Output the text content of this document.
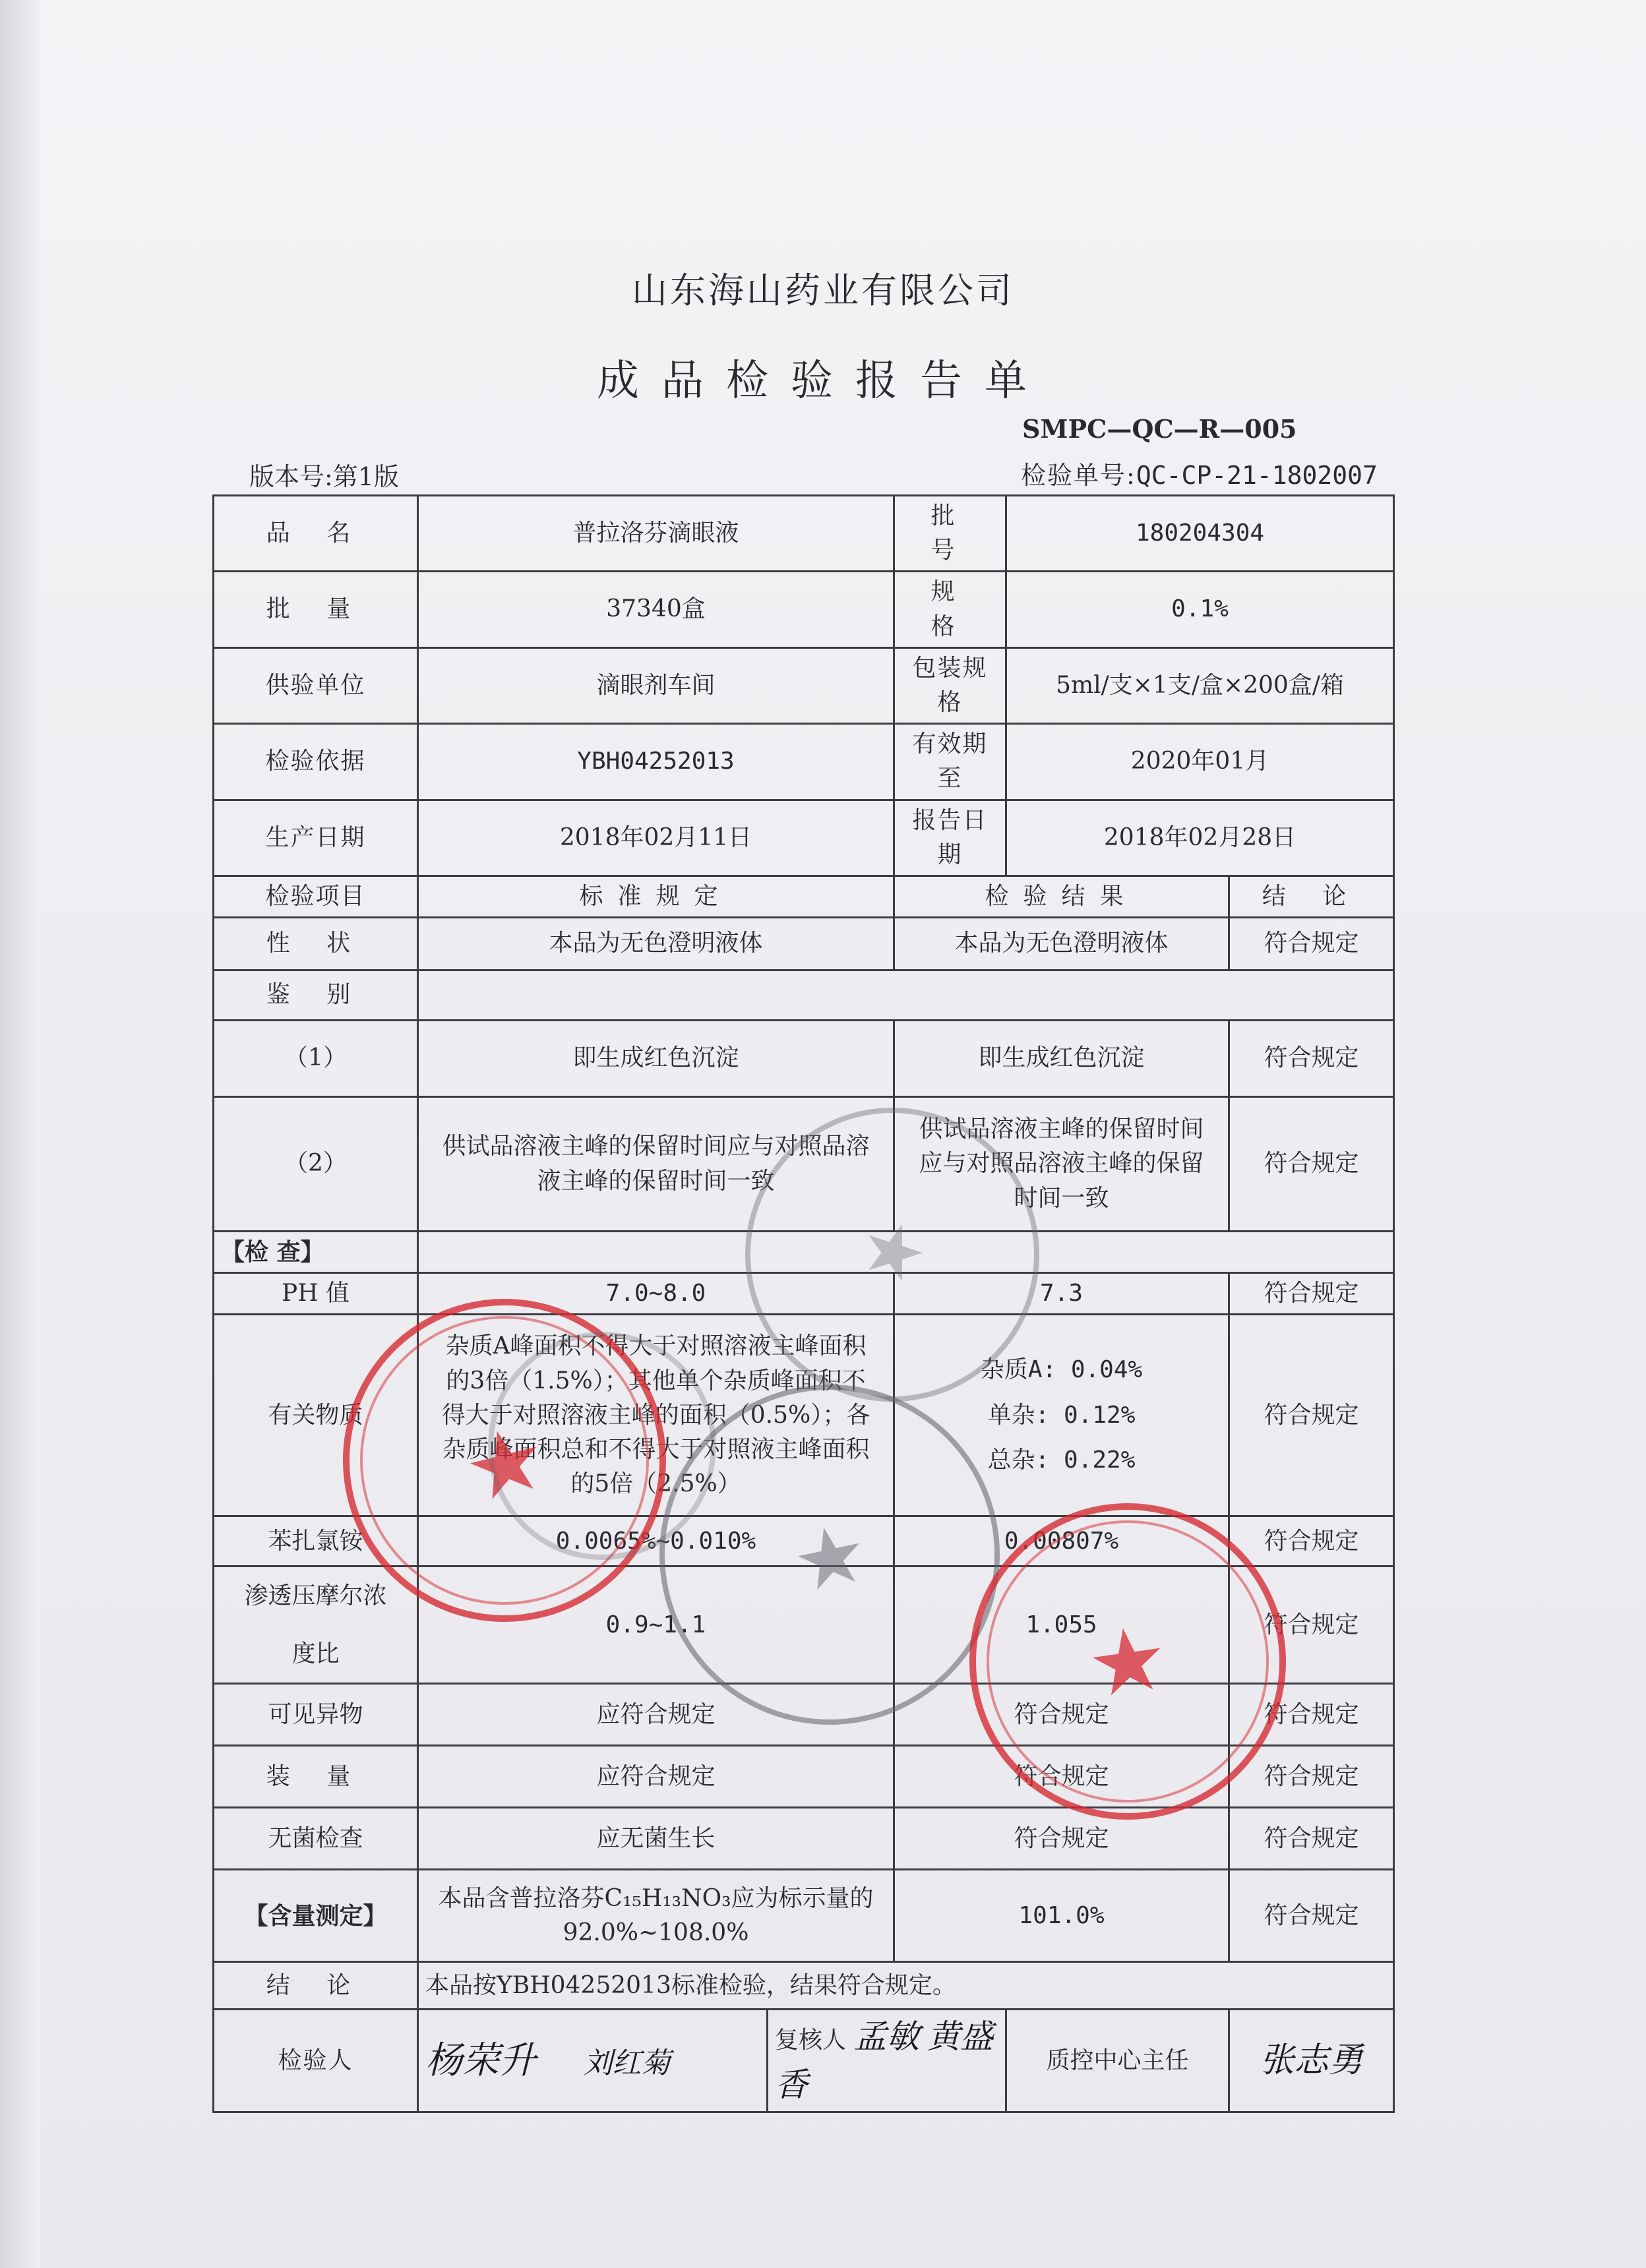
山东海山药业有限公司
成品检验报告单
SMPC—QC—R—005
版本号:第1版	检验单号:QC-CP-21-1802007
品 名	普拉洛芬滴眼液		批 号	180204304	
批 量	37340盒		规 格	0.1%	
供验单位	滴眼剂车间		包装规格	5ml/支×1支/盒×200盒/箱	
检验依据	YBH04252013		有效期至	2020年01月	
生产日期	2018年02月11日		报告日期	2018年02月28日	
检验项目	标准规定		检验结果		结 论
性 状	本品为无色澄明液体		本品为无色澄明液体		符合规定
鉴 别					
（1）	即生成红色沉淀		即生成红色沉淀		符合规定
（2）	供试品溶液主峰的保留时间应与对照品溶液主峰的保留时间一致		供试品溶液主峰的保留时间应与对照品溶液主峰的保留时间一致		符合规定
【检 查】					
PH 值	7.0~8.0		7.3		符合规定
有关物质	杂质A峰面积不得大于对照溶液主峰面积的3倍（1.5%）；其他单个杂质峰面积不得大于对照溶液主峰的面积（0.5%）；各杂质峰面积总和不得大于对照液主峰面积的5倍（2.5%）		杂质A: 0.04%
单杂: 0.12%
总杂: 0.22%		符合规定
苯扎氯铵	0.0065%~0.010%		0.00807%		符合规定

渗透压摩尔浓
度比	0.9~1.1		1.055		符合规定
可见异物	应符合规定		符合规定		符合规定
装 量	应符合规定		符合规定		符合规定
无菌检查	应无菌生长		符合规定		符合规定
【含量测定】	本品含普拉洛芬C₁₅H₁₃NO₃应为标示量的92.0%~108.0%		101.0%		符合规定
结 论	本品按YBH04252013标准检验，结果符合规定。				
检验人	杨荣升 刘红菊	复核人 孟敏 黄盛香		质控中心主任	张志勇
★
★
★
★
